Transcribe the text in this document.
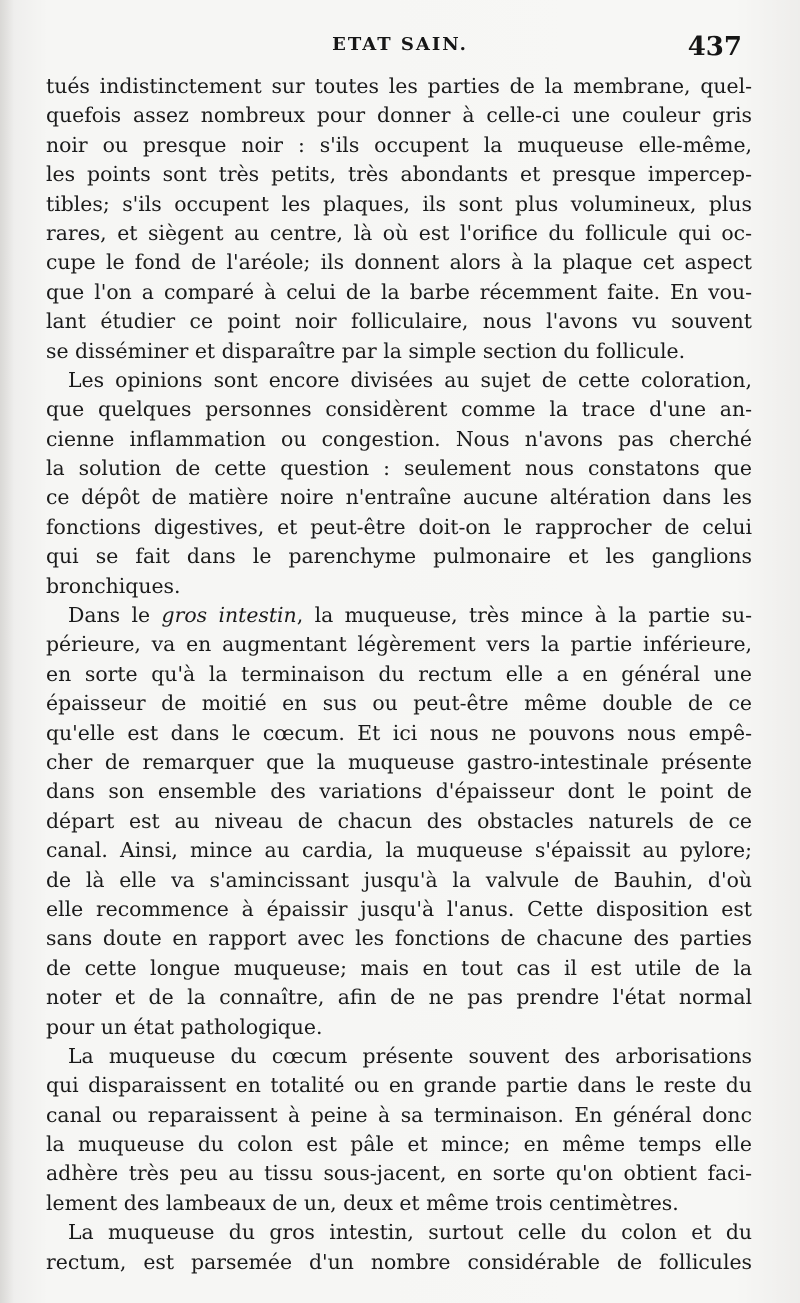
ETAT SAIN.	437
tués indistinctement sur toutes les parties de la membrane, quel-
quefois assez nombreux pour donner à celle-ci une couleur gris
noir ou presque noir : s'ils occupent la muqueuse elle-même,
les points sont très petits, très abondants et presque impercep-
tibles; s'ils occupent les plaques, ils sont plus volumineux, plus
rares, et siègent au centre, là où est l'orifice du follicule qui oc-
cupe le fond de l'aréole; ils donnent alors à la plaque cet aspect
que l'on a comparé à celui de la barbe récemment faite. En vou-
lant étudier ce point noir folliculaire, nous l'avons vu souvent
se disséminer et disparaître par la simple section du follicule.
Les opinions sont encore divisées au sujet de cette coloration,
que quelques personnes considèrent comme la trace d'une an-
cienne inflammation ou congestion. Nous n'avons pas cherché
la solution de cette question : seulement nous constatons que
ce dépôt de matière noire n'entraîne aucune altération dans les
fonctions digestives, et peut-être doit-on le rapprocher de celui
qui se fait dans le parenchyme pulmonaire et les ganglions
bronchiques.
Dans le gros intestin, la muqueuse, très mince à la partie su-
périeure, va en augmentant légèrement vers la partie inférieure,
en sorte qu'à la terminaison du rectum elle a en général une
épaisseur de moitié en sus ou peut-être même double de ce
qu'elle est dans le cœcum. Et ici nous ne pouvons nous empê-
cher de remarquer que la muqueuse gastro-intestinale présente
dans son ensemble des variations d'épaisseur dont le point de
départ est au niveau de chacun des obstacles naturels de ce
canal. Ainsi, mince au cardia, la muqueuse s'épaissit au pylore;
de là elle va s'amincissant jusqu'à la valvule de Bauhin, d'où
elle recommence à épaissir jusqu'à l'anus. Cette disposition est
sans doute en rapport avec les fonctions de chacune des parties
de cette longue muqueuse; mais en tout cas il est utile de la
noter et de la connaître, afin de ne pas prendre l'état normal
pour un état pathologique.
La muqueuse du cœcum présente souvent des arborisations
qui disparaissent en totalité ou en grande partie dans le reste du
canal ou reparaissent à peine à sa terminaison. En général donc
la muqueuse du colon est pâle et mince; en même temps elle
adhère très peu au tissu sous-jacent, en sorte qu'on obtient faci-
lement des lambeaux de un, deux et même trois centimètres.
La muqueuse du gros intestin, surtout celle du colon et du
rectum, est parsemée d'un nombre considérable de follicules
